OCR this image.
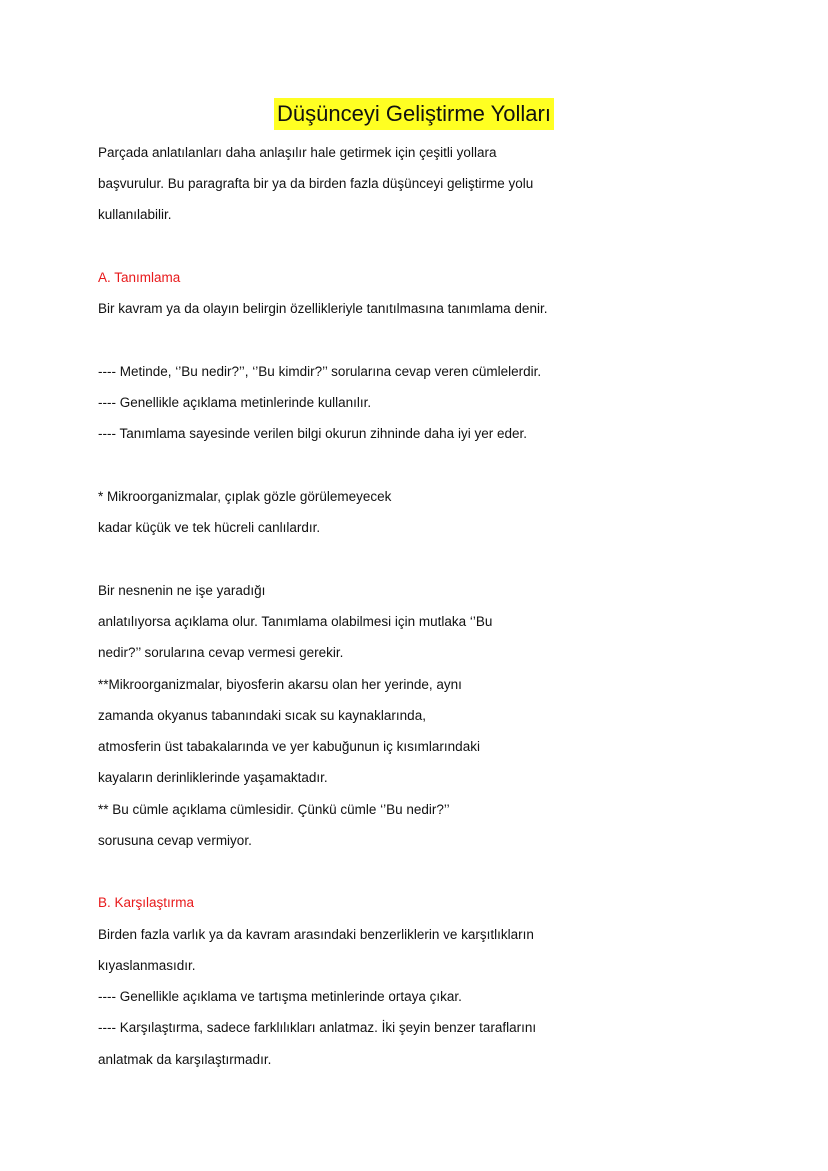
Düşünceyi Geliştirme Yolları
Parçada anlatılanları daha anlaşılır hale getirmek için çeşitli yollara
başvurulur. Bu paragrafta bir ya da birden fazla düşünceyi geliştirme yolu
kullanılabilir.
A. Tanımlama
Bir kavram ya da olayın belirgin özellikleriyle tanıtılmasına tanımlama denir.
---- Metinde, ‘’Bu nedir?’’, ‘’Bu kimdir?’’ sorularına cevap veren cümlelerdir.
---- Genellikle açıklama metinlerinde kullanılır.
---- Tanımlama sayesinde verilen bilgi okurun zihninde daha iyi yer eder.
* Mikroorganizmalar, çıplak gözle görülemeyecek
kadar küçük ve tek hücreli canlılardır.
Bir nesnenin ne işe yaradığı
anlatılıyorsa açıklama olur. Tanımlama olabilmesi için mutlaka ‘’Bu
nedir?’’ sorularına cevap vermesi gerekir.
**Mikroorganizmalar, biyosferin akarsu olan her yerinde, aynı
zamanda okyanus tabanındaki sıcak su kaynaklarında,
atmosferin üst tabakalarında ve yer kabuğunun iç kısımlarındaki
kayaların derinliklerinde yaşamaktadır.
** Bu cümle açıklama cümlesidir. Çünkü cümle ‘’Bu nedir?’’
sorusuna cevap vermiyor.
B. Karşılaştırma
Birden fazla varlık ya da kavram arasındaki benzerliklerin ve karşıtlıkların
kıyaslanmasıdır.
---- Genellikle açıklama ve tartışma metinlerinde ortaya çıkar.
---- Karşılaştırma, sadece farklılıkları anlatmaz. İki şeyin benzer taraflarını
anlatmak da karşılaştırmadır.
